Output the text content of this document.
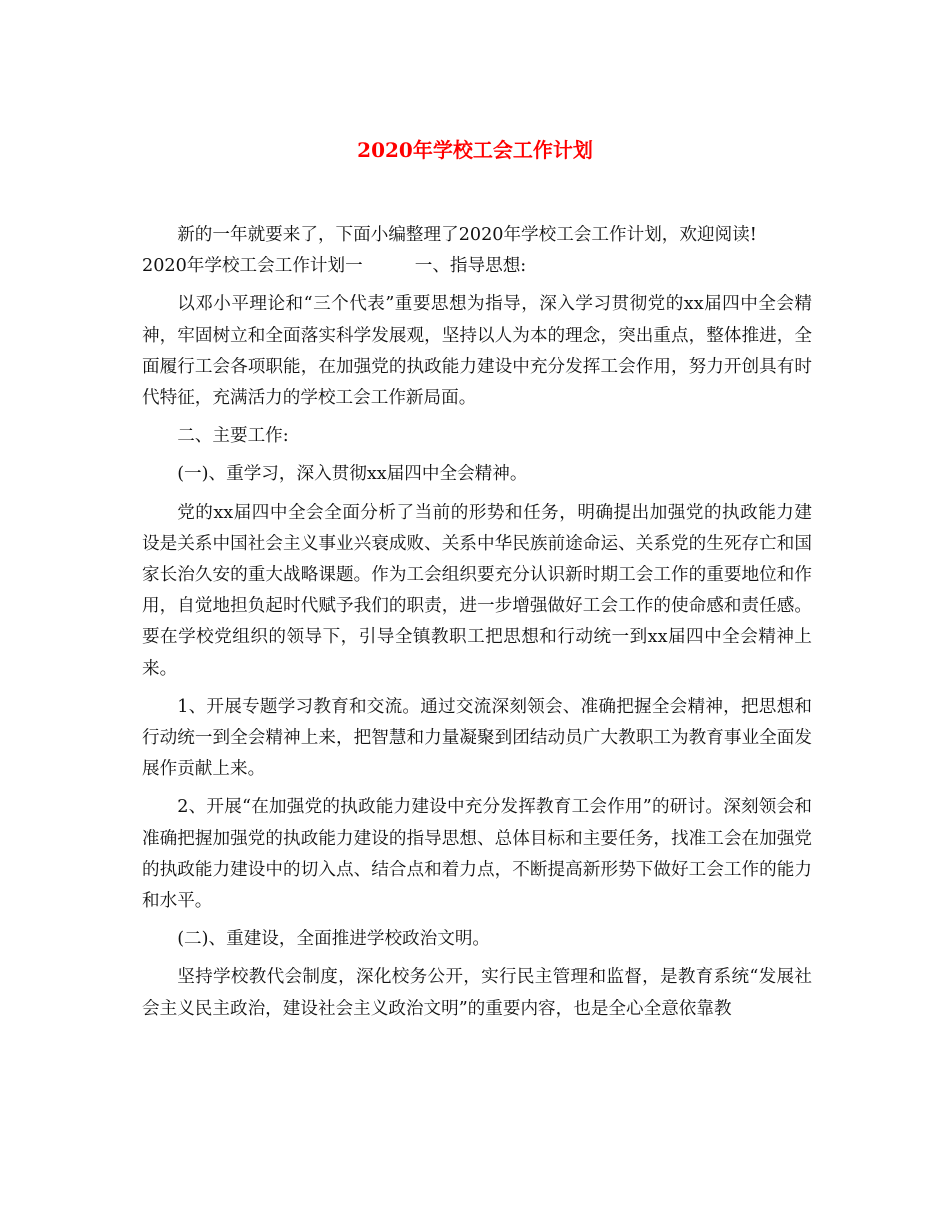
2020年学校工会工作计划

新的一年就要来了，下面小编整理了2020年学校工会工作计划，欢迎阅读!

2020年学校工会工作计划一	一、指导思想:

以邓小平理论和“三个代表”重要思想为指导，深入学习贯彻党的xx届四中全会精神，牢固树立和全面落实科学发展观，坚持以人为本的理念，突出重点，整体推进，全面履行工会各项职能，在加强党的执政能力建设中充分发挥工会作用，努力开创具有时代特征，充满活力的学校工会工作新局面。

二、主要工作:

(一)、重学习，深入贯彻xx届四中全会精神。

党的xx届四中全会全面分析了当前的形势和任务，明确提出加强党的执政能力建设是关系中国社会主义事业兴衰成败、关系中华民族前途命运、关系党的生死存亡和国家长治久安的重大战略课题。作为工会组织要充分认识新时期工会工作的重要地位和作用，自觉地担负起时代赋予我们的职责，进一步增强做好工会工作的使命感和责任感。要在学校党组织的领导下，引导全镇教职工把思想和行动统一到xx届四中全会精神上来。

1、开展专题学习教育和交流。通过交流深刻领会、准确把握全会精神，把思想和行动统一到全会精神上来，把智慧和力量凝聚到团结动员广大教职工为教育事业全面发展作贡献上来。

2、开展“在加强党的执政能力建设中充分发挥教育工会作用”的研讨。深刻领会和准确把握加强党的执政能力建设的指导思想、总体目标和主要任务，找准工会在加强党的执政能力建设中的切入点、结合点和着力点，不断提高新形势下做好工会工作的能力和水平。

(二)、重建设，全面推进学校政治文明。

坚持学校教代会制度，深化校务公开，实行民主管理和监督，是教育系统“发展社会主义民主政治，建设社会主义政治文明”的重要内容，也是全心全意依靠教
